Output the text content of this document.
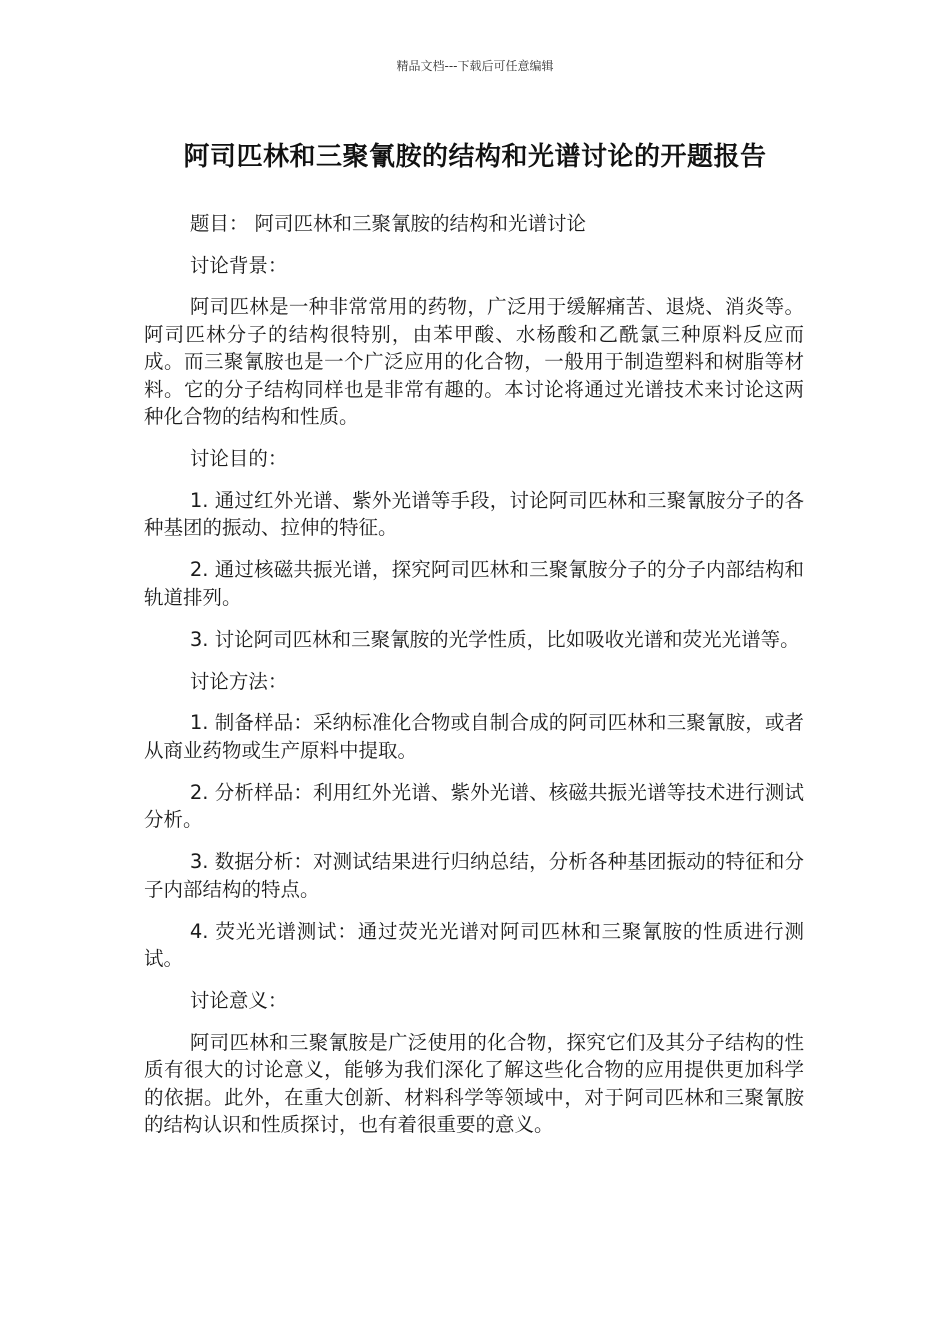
精品文档---下载后可任意编辑
阿司匹林和三聚氰胺的结构和光谱讨论的开题报告

题目： 阿司匹林和三聚氰胺的结构和光谱讨论

讨论背景：

阿司匹林是一种非常常用的药物，广泛用于缓解痛苦、退烧、消炎等。阿司匹林分子的结构很特别，由苯甲酸、水杨酸和乙酰氯三种原料反应而成。而三聚氰胺也是一个广泛应用的化合物，一般用于制造塑料和树脂等材料。它的分子结构同样也是非常有趣的。本讨论将通过光谱技术来讨论这两种化合物的结构和性质。

讨论目的：

1. 通过红外光谱、紫外光谱等手段，讨论阿司匹林和三聚氰胺分子的各种基团的振动、拉伸的特征。

2. 通过核磁共振光谱，探究阿司匹林和三聚氰胺分子的分子内部结构和轨道排列。

3. 讨论阿司匹林和三聚氰胺的光学性质，比如吸收光谱和荧光光谱等。

讨论方法：

1. 制备样品：采纳标准化合物或自制合成的阿司匹林和三聚氰胺，或者从商业药物或生产原料中提取。

2. 分析样品：利用红外光谱、紫外光谱、核磁共振光谱等技术进行测试分析。

3. 数据分析：对测试结果进行归纳总结，分析各种基团振动的特征和分子内部结构的特点。

4. 荧光光谱测试：通过荧光光谱对阿司匹林和三聚氰胺的性质进行测试。

讨论意义：

阿司匹林和三聚氰胺是广泛使用的化合物，探究它们及其分子结构的性质有很大的讨论意义，能够为我们深化了解这些化合物的应用提供更加科学的依据。此外，在重大创新、材料科学等领域中，对于阿司匹林和三聚氰胺的结构认识和性质探讨，也有着很重要的意义。
